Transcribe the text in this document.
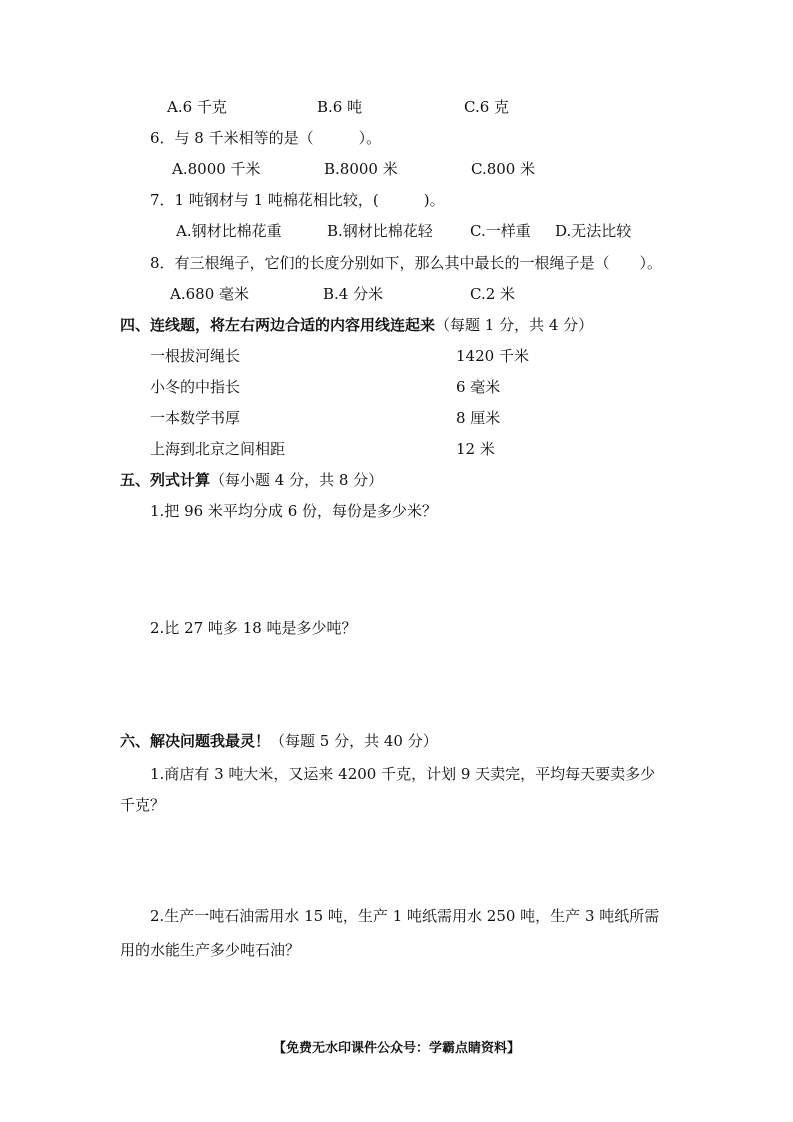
A.6 千克	B.6 吨	C.6 克
6．与 8 千米相等的是（　　　）。
A.8000 千米	B.8000 米	C.800 米
7．1 吨钢材与 1 吨棉花相比较，(　　　)。
A.钢材比棉花重	B.钢材比棉花轻 C.一样重 D.无法比较
8．有三根绳子，它们的长度分别如下，那么其中最长的一根绳子是（　　）。
A.680 毫米	B.4 分米	C.2 米
四、连线题，将左右两边合适的内容用线连起来（每题 1 分，共 4 分）
一根拔河绳长
小冬的中指长
一本数学书厚
上海到北京之间相距
1420 千米
6 毫米
8 厘米
12 米
五、列式计算（每小题 4 分，共 8 分）
1.把 96 米平均分成 6 份，每份是多少米？
2.比 27 吨多 18 吨是多少吨？
六、解决问题我最灵！（每题 5 分，共 40 分）
1.商店有 3 吨大米，又运来 4200 千克，计划 9 天卖完，平均每天要卖多少
千克？
2.生产一吨石油需用水 15 吨，生产 1 吨纸需用水 250 吨，生产 3 吨纸所需
用的水能生产多少吨石油？
【免费无水印课件公众号：学霸点睛资料】
